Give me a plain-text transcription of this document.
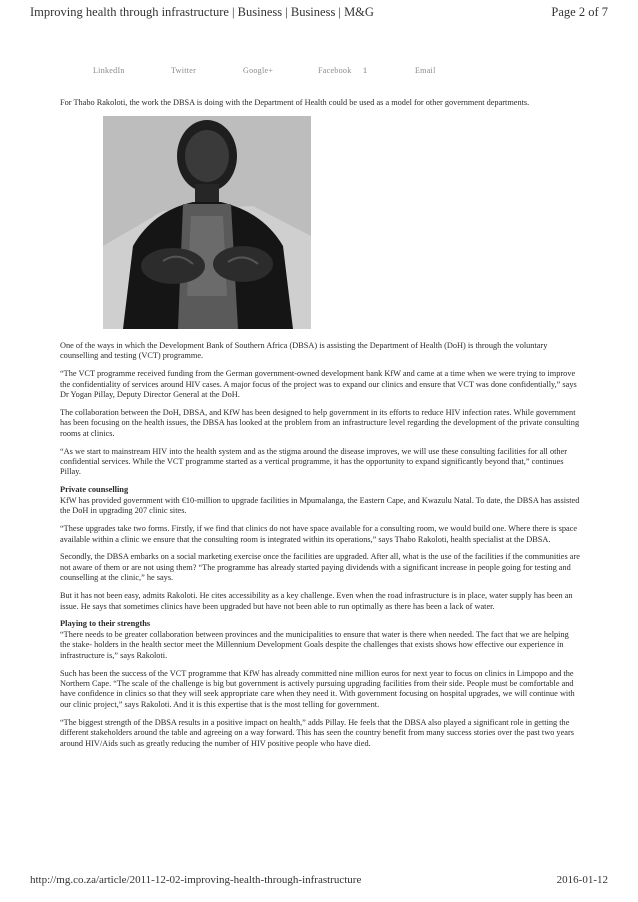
Improving health through infrastructure | Business | Business | M&G	Page 2 of 7
LinkedIn	Twitter	Google+	Facebook 1	Email

For Thabo Rakoloti, the work the DBSA is doing with the Department of Health could be used as a model for other government departments.

One of the ways in which the Development Bank of Southern Africa (DBSA) is assisting the Department of Health (DoH) is through the voluntary counselling and testing (VCT) programme.

“The VCT programme received funding from the German government-owned development bank KfW and came at a time when we were trying to improve the confidentiality of services around HIV cases. A major focus of the project was to expand our clinics and ensure that VCT was done confidentially,” says Dr Yogan Pillay, Deputy Director General at the DoH.

The collaboration between the DoH, DBSA, and KfW has been designed to help government in its efforts to reduce HIV infection rates. While government has been focusing on the health issues, the DBSA has looked at the problem from an infrastructure level regarding the development of the private consulting rooms at clinics.

“As we start to mainstream HIV into the health system and as the stigma around the disease improves, we will use these consulting facilities for all other confidential services. While the VCT programme started as a vertical programme, it has the opportunity to expand significantly beyond that,” continues Pillay.

Private counselling

KfW has provided government with €10-million to upgrade facilities in Mpumalanga, the Eastern Cape, and Kwazulu Natal. To date, the DBSA has assisted the DoH in upgrading 207 clinic sites.

“These upgrades take two forms. Firstly, if we find that clinics do not have space available for a consulting room, we would build one. Where there is space available within a clinic we ensure that the consulting room is integrated within its operations,” says Thabo Rakoloti, health specialist at the DBSA.

Secondly, the DBSA embarks on a social marketing exercise once the facilities are upgraded. After all, what is the use of the facilities if the communities are not aware of them or are not using them? “The programme has already started paying dividends with a significant increase in people going for testing and counselling at the clinic,” he says.

But it has not been easy, admits Rakoloti. He cites accessibility as a key challenge. Even when the road infrastructure is in place, water supply has been an issue. He says that sometimes clinics have been upgraded but have not been able to run optimally as there has been a lack of water.

Playing to their strengths

“There needs to be greater collaboration between provinces and the municipalities to ensure that water is there when needed. The fact that we are helping the stake- holders in the health sector meet the Millennium Development Goals despite the challenges that exists shows how effective our experience in infrastructure is,” says Rakoloti.

Such has been the success of the VCT programme that KfW has already committed nine million euros for next year to focus on clinics in Limpopo and the Northern Cape. “The scale of the challenge is big but government is actively pursuing upgrading facilities from their side. People must be comfortable and have confidence in clinics so that they will seek appropriate care when they need it. With government focusing on hospital upgrades, we will continue with our clinic project,” says Rakoloti. And it is this expertise that is the most telling for government.

“The biggest strength of the DBSA results in a positive impact on health,” adds Pillay. He feels that the DBSA also played a significant role in getting the different stakeholders around the table and agreeing on a way forward. This has seen the country benefit from many success stories over the past two years around HIV/Aids such as greatly reducing the number of HIV positive people who have died.

http://mg.co.za/article/2011-12-02-improving-health-through-infrastructure	2016-01-12
